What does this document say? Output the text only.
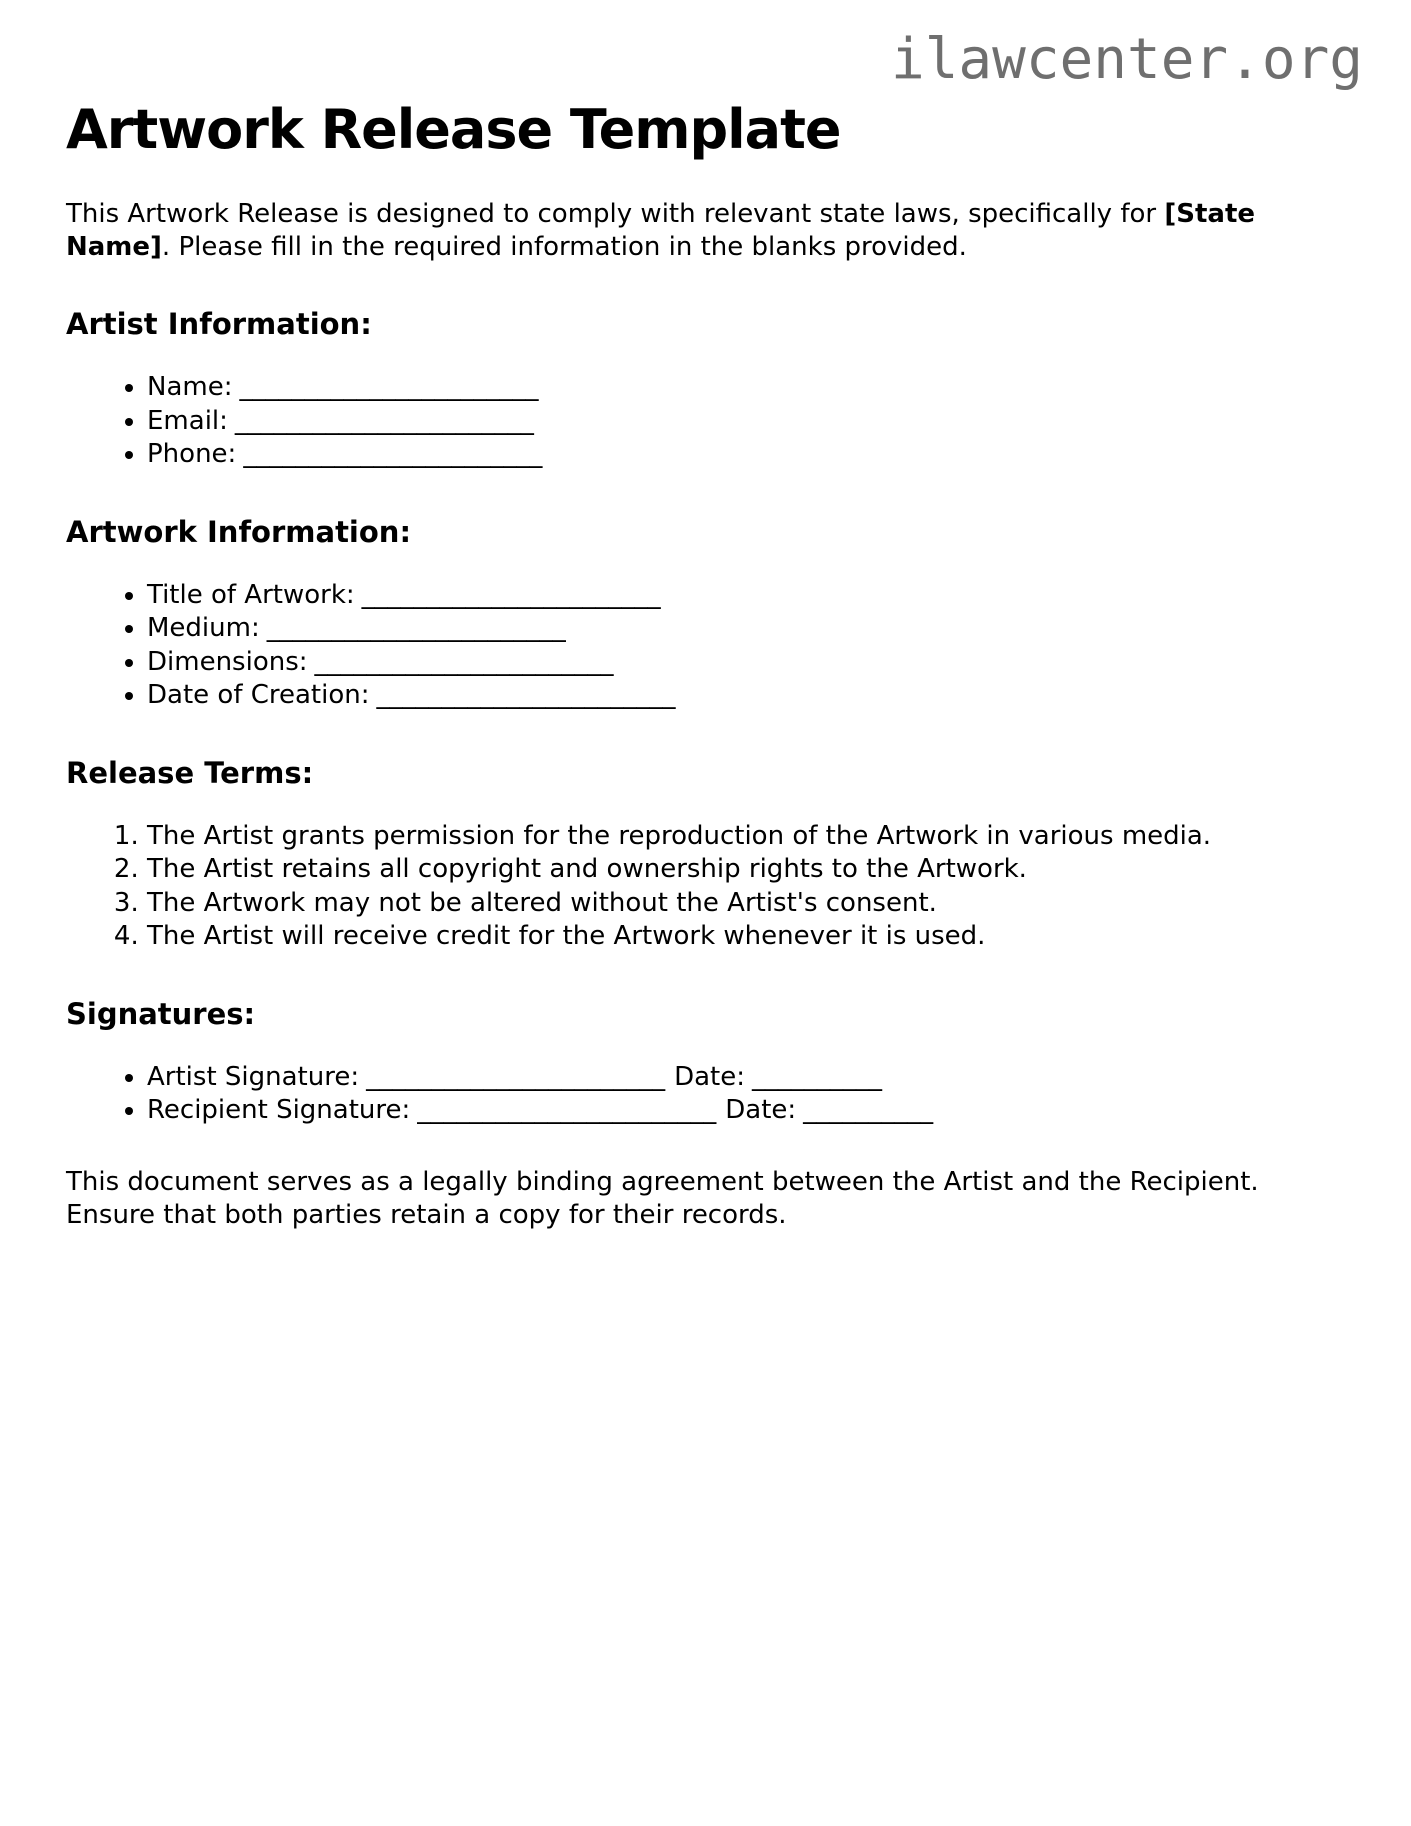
ilawcenter.org
Artwork Release Template

This Artwork Release is designed to comply with relevant state laws, specifically for [State Name]. Please fill in the required information in the blanks provided.

Artist Information:
• Name: _______________________
• Email: _______________________
• Phone: _______________________
Artwork Information:
• Title of Artwork: _______________________
• Medium: _______________________
• Dimensions: _______________________
• Date of Creation: _______________________
Release Terms:
1. The Artist grants permission for the reproduction of the Artwork in various media.
2. The Artist retains all copyright and ownership rights to the Artwork.
3. The Artwork may not be altered without the Artist's consent.
4. The Artist will receive credit for the Artwork whenever it is used.
Signatures:
• Artist Signature: _______________________ Date: __________
• Recipient Signature: _______________________ Date: __________

This document serves as a legally binding agreement between the Artist and the Recipient. Ensure that both parties retain a copy for their records.
